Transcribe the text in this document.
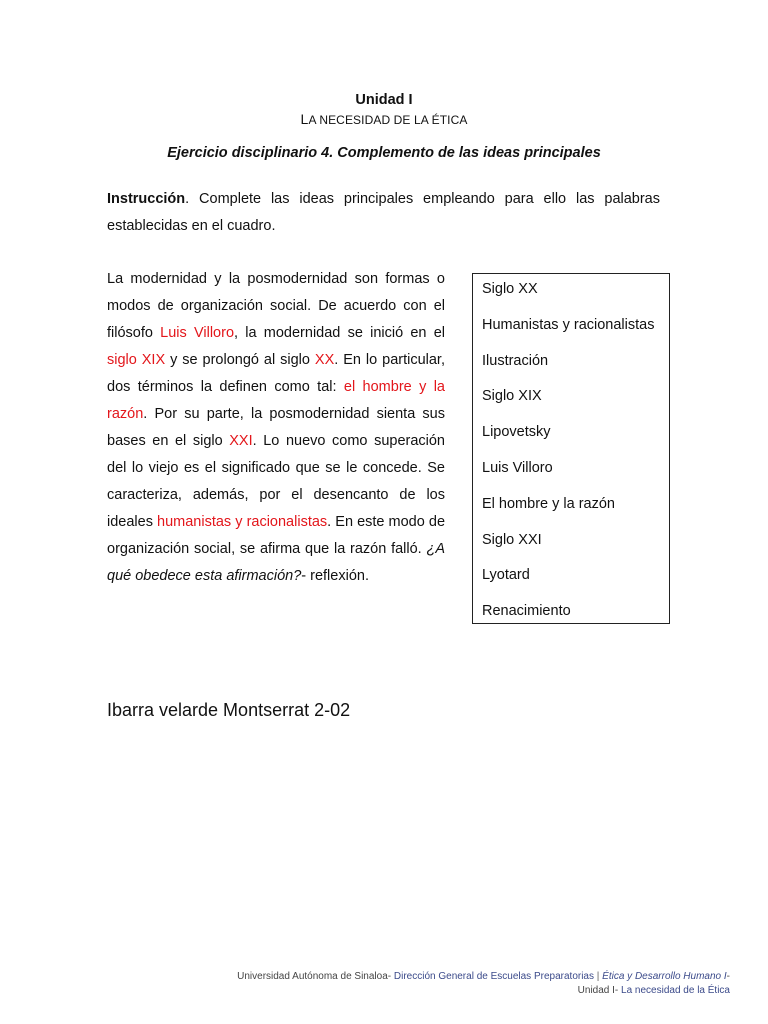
Unidad I
LA NECESIDAD DE LA ÉTICA
Ejercicio disciplinario 4. Complemento de las ideas principales
Instrucción. Complete las ideas principales empleando para ello las palabras establecidas en el cuadro.
La modernidad y la posmodernidad son formas o modos de organización social. De acuerdo con el filósofo Luis Villoro, la modernidad se inició en el siglo XIX y se prolongó al siglo XX. En lo particular, dos términos la definen como tal: el hombre y la razón. Por su parte, la posmodernidad sienta sus bases en el siglo XXI. Lo nuevo como superación del lo viejo es el significado que se le concede. Se caracteriza, además, por el desencanto de los ideales humanistas y racionalistas. En este modo de organización social, se afirma que la razón falló. ¿A qué obedece esta afirmación?- reflexión.
Siglo XX
Humanistas y racionalistas
Ilustración
Siglo XIX
Lipovetsky
Luis Villoro
El hombre y la razón
Siglo XXI
Lyotard
Renacimiento
Ibarra velarde Montserrat 2-02
Universidad Autónoma de Sinaloa- Dirección General de Escuelas Preparatorias | Ética y Desarrollo Humano I-
Unidad I- La necesidad de la Ética
